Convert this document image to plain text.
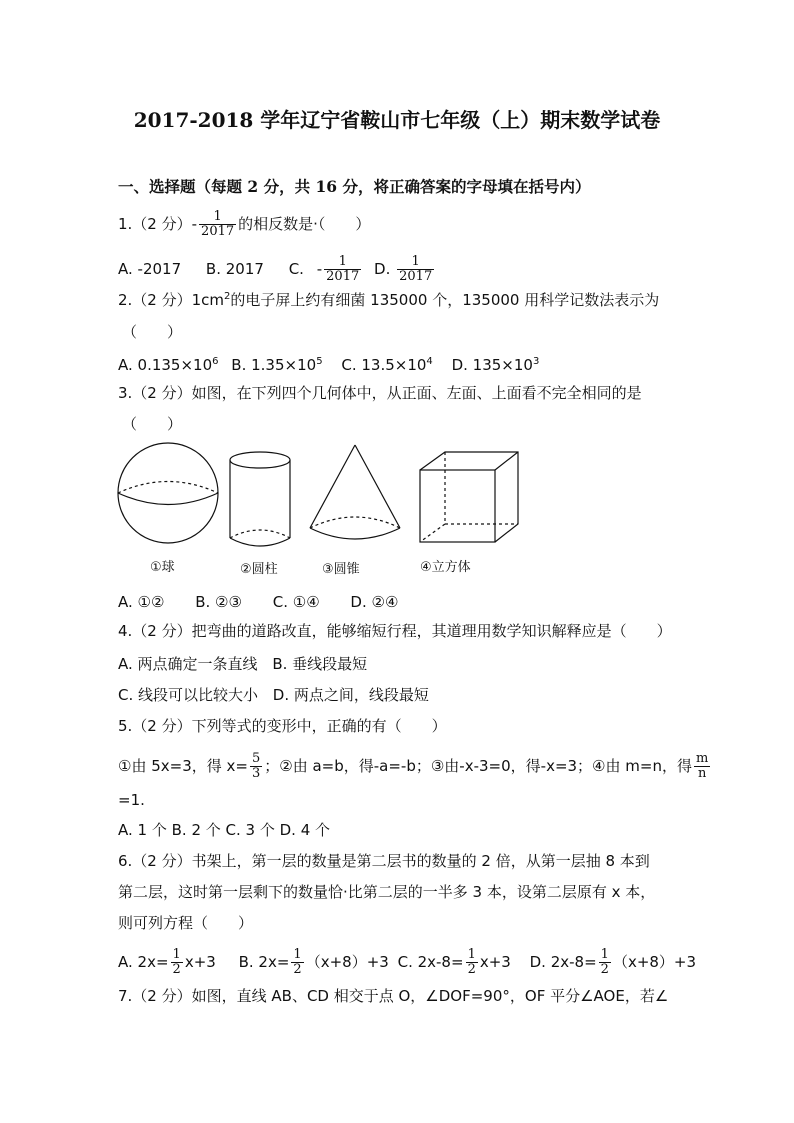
2017-2018 学年辽宁省鞍山市七年级（上）期末数学试卷
一、选择题（每题 2 分，共 16 分，将正确答案的字母填在括号内）
1.（2 分）- $\frac{1}{2017}$ 的相反数是·（　　）
A. -2017 B. 2017 C. - $\frac{1}{2017} D$. $\frac{1}{2017}$
2.（2 分）$1cm^2$的电子屏上约有细菌 135000 个，135000 用科学记数法表示为
（　　）
A. $0.135\times 10^6$ B. $1.35\times 10^5$ C. $13.5\times 10^4$ D. $135\times 10^3$
3.（2 分）如图，在下列四个几何体中，从正面、左面、上面看不完全相同的是
（　　）
①球	②圆柱	③圆锥	④立方体
A. ①② B. ②③ C. ①④ D. ②④
4.（2 分）把弯曲的道路改直，能够缩短行程，其道理用数学知识解释应是（　　）
A. 两点确定一条直线 B. 垂线段最短
C. 线段可以比较大小 D. 两点之间，线段最短
5.（2 分）下列等式的变形中，正确的有（　　）
①由 5x=3，得 $x= \frac{5}{3}$ ；②由 a=b，得-a=-b；③由-x-3=0，得-x=3；④由 m=n，得 $\frac{m}{n}$
=1.
A. 1 个 B. 2 个 C. 3 个 D. 4 个
6.（2 分）书架上，第一层的数量是第二层书的数量的 2 倍，从第一层抽 8 本到
第二层，这时第一层剩下的数量恰·比第二层的一半多 3 本，设第二层原有 x 本，
则可列方程（　　）
A. $2x= \frac{1}{2} x+3$ B. $2x= \frac{1}{2} (x+8)+3$ C. $2x-8= \frac{1}{2} x+3$ D. $2x-8= \frac{1}{2} (x+8)+3$
7.（2 分）如图，直线 AB、CD 相交于点 O，∠DOF=90°，OF 平分∠AOE，若∠
